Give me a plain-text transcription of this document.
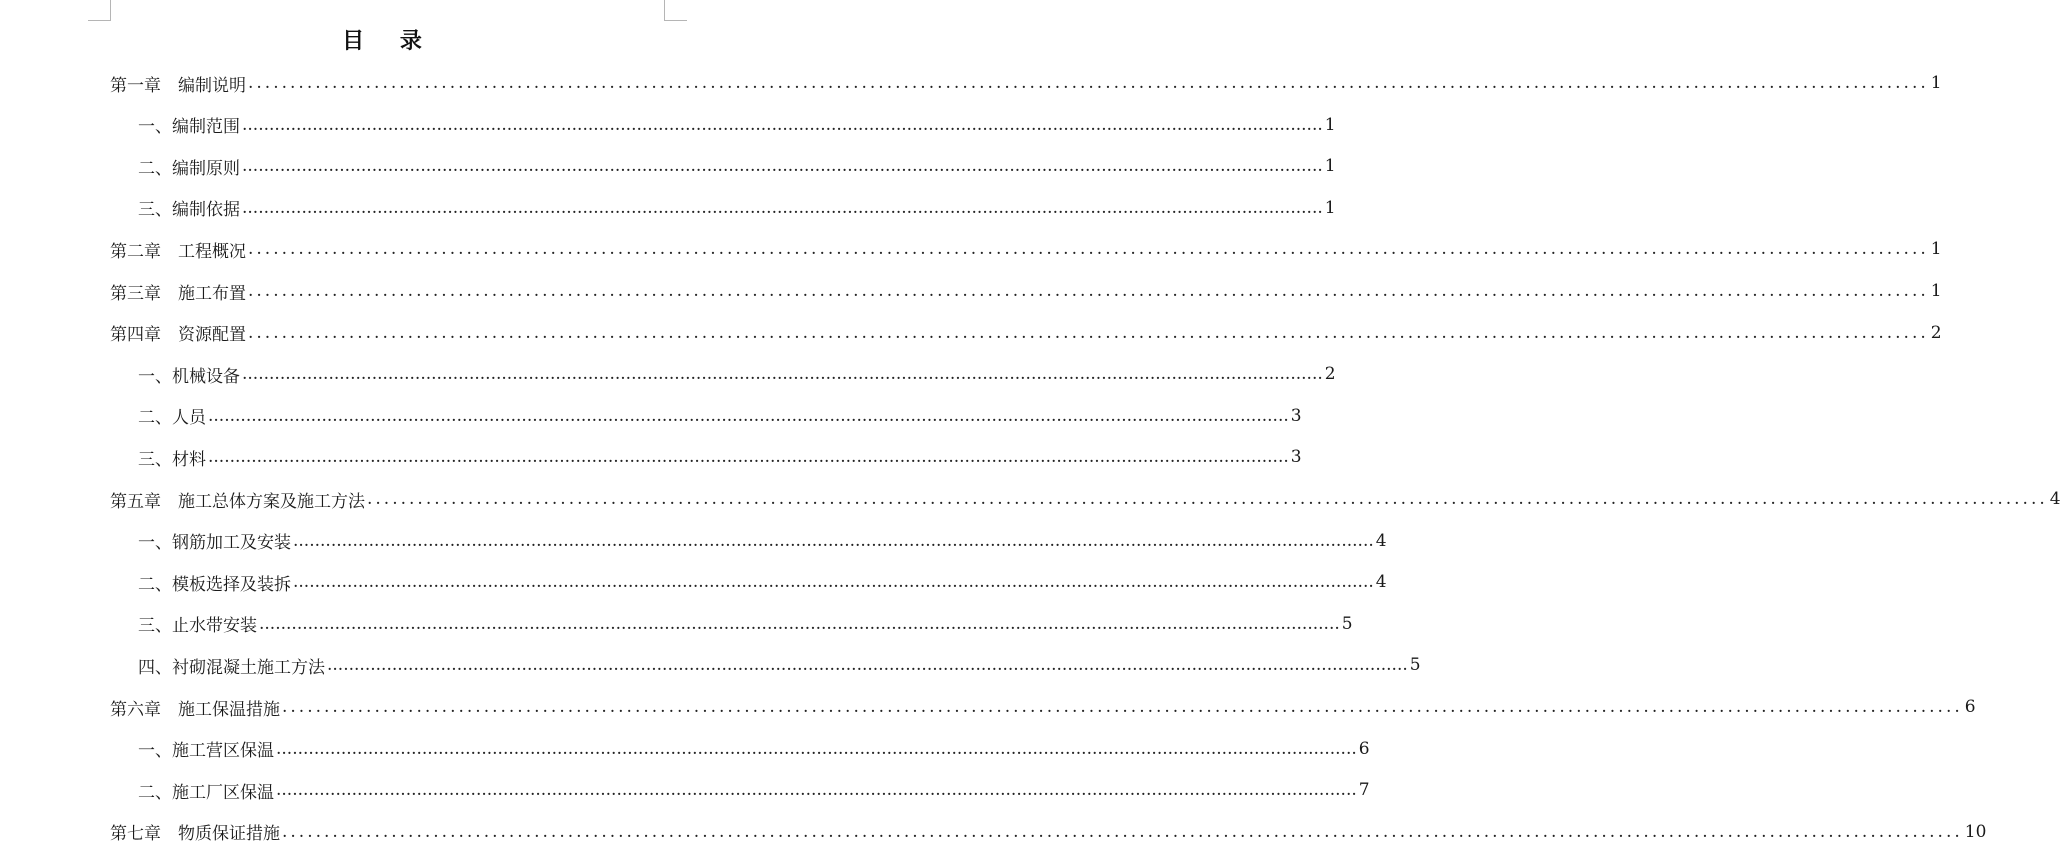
目 录
第一章　编制说明 ........................................................................................................................................................................................................ 1
一、编制范围 ........................................................................................................................................................................................................ 1
二、编制原则 ........................................................................................................................................................................................................ 1
三、编制依据 ........................................................................................................................................................................................................ 1
第二章　工程概况 ........................................................................................................................................................................................................ 1
第三章　施工布置 ........................................................................................................................................................................................................ 1
第四章　资源配置 ........................................................................................................................................................................................................ 2
一、机械设备 ........................................................................................................................................................................................................ 2
二、人员 ........................................................................................................................................................................................................ 3
三、材料 ........................................................................................................................................................................................................ 3
第五章　施工总体方案及施工方法 ........................................................................................................................................................................................................ 4
一、钢筋加工及安装 ........................................................................................................................................................................................................ 4
二、模板选择及装拆 ........................................................................................................................................................................................................ 4
三、止水带安装 ........................................................................................................................................................................................................ 5
四、衬砌混凝土施工方法 ........................................................................................................................................................................................................ 5
第六章　施工保温措施 ........................................................................................................................................................................................................ 6
一、施工营区保温 ........................................................................................................................................................................................................ 6
二、施工厂区保温 ........................................................................................................................................................................................................ 7
第七章　物质保证措施 ........................................................................................................................................................................................................ 10
